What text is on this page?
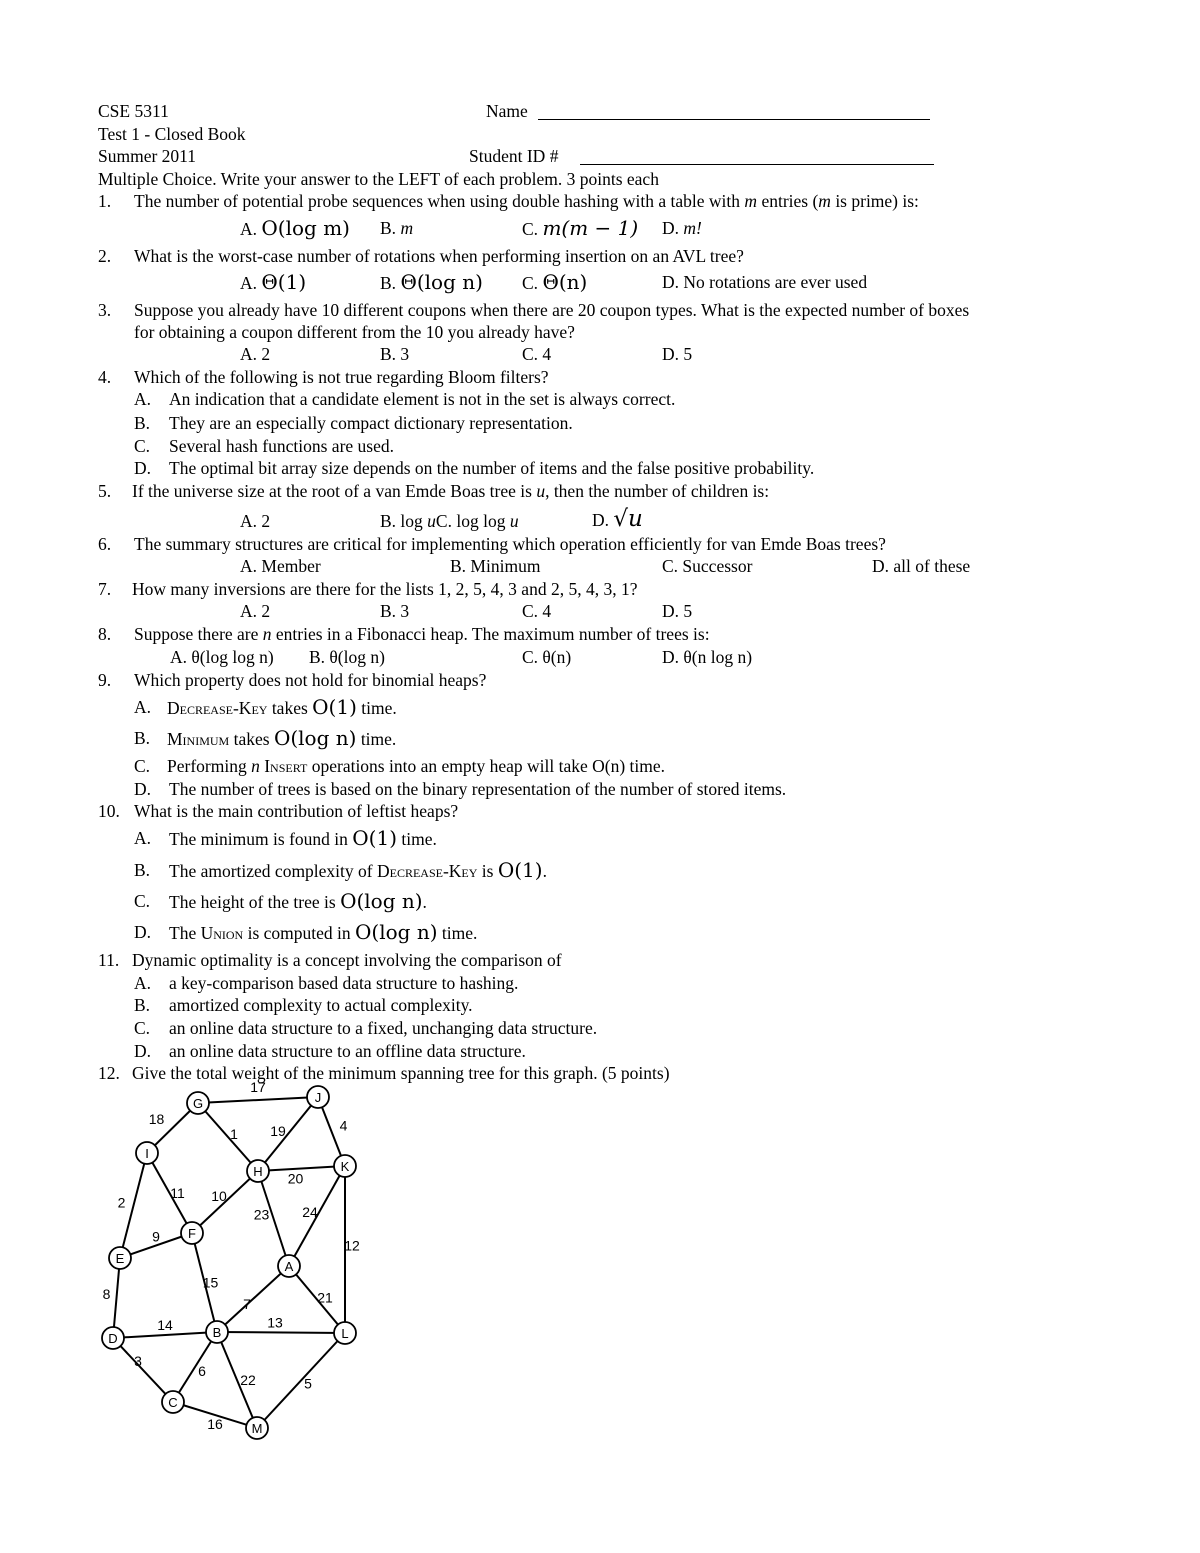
CSE 5311	Name
Test 1 - Closed Book
Summer 2011	Student ID #
Multiple Choice. Write your answer to the LEFT of each problem. 3 points each
1. The number of potential probe sequences when using double hashing with a table with m entries (m is prime) is:
A. O(log m) B. m	C. m(m − 1) D. m!
2. What is the worst-case number of rotations when performing insertion on an AVL tree?
A. Θ(1)	B. Θ(log n) C. Θ(n)	D. No rotations are ever used
3. Suppose you already have 10 different coupons when there are 20 coupon types. What is the expected number of boxes
for obtaining a coupon different from the 10 you already have?
A. 2	B. 3	C. 4	D. 5
4. Which of the following is not true regarding Bloom filters?
A. An indication that a candidate element is not in the set is always correct.
B. They are an especially compact dictionary representation.
C. Several hash functions are used.
D. The optimal bit array size depends on the number of items and the false positive probability.
5. If the universe size at the root of a van Emde Boas tree is u, then the number of children is:
A. 2	B. log uC. log log u	D. √u
6. The summary structures are critical for implementing which operation efficiently for van Emde Boas trees?
A. Member	B. Minimum	C. Successor	D. all of these
7. How many inversions are there for the lists 1, 2, 5, 4, 3 and 2, 5, 4, 3, 1?
A. 2	B. 3	C. 4	D. 5
8. Suppose there are n entries in a Fibonacci heap. The maximum number of trees is:
A. θ(log log n) B. θ(log n)	C. θ(n)	D. θ(n log n)
9. Which property does not hold for binomial heaps?
A. Decrease-Key takes O(1) time.
B. Minimum takes O(log n) time.
C. Performing n Insert operations into an empty heap will take O(n) time.
D. The number of trees is based on the binary representation of the number of stored items.
10. What is the main contribution of leftist heaps?
A. The minimum is found in O(1) time.
B. The amortized complexity of Decrease-Key is O(1).
C. The height of the tree is O(log n).
D. The Union is computed in O(log n) time.
11. Dynamic optimality is a concept involving the comparison of
A. a key-comparison based data structure to hashing.
B. amortized complexity to actual complexity.
C. an online data structure to a fixed, unchanging data structure.
D. an online data structure to an offline data structure.
12. Give the total weight of the minimum spanning tree for this graph. (5 points)
17
18
1 19	4
20
11
2	10
23 24
12
9
15
7	21
8
14	13
3
6
22	5
16
G	J
I
H	K
F
E
A
D	B	L
C
M
